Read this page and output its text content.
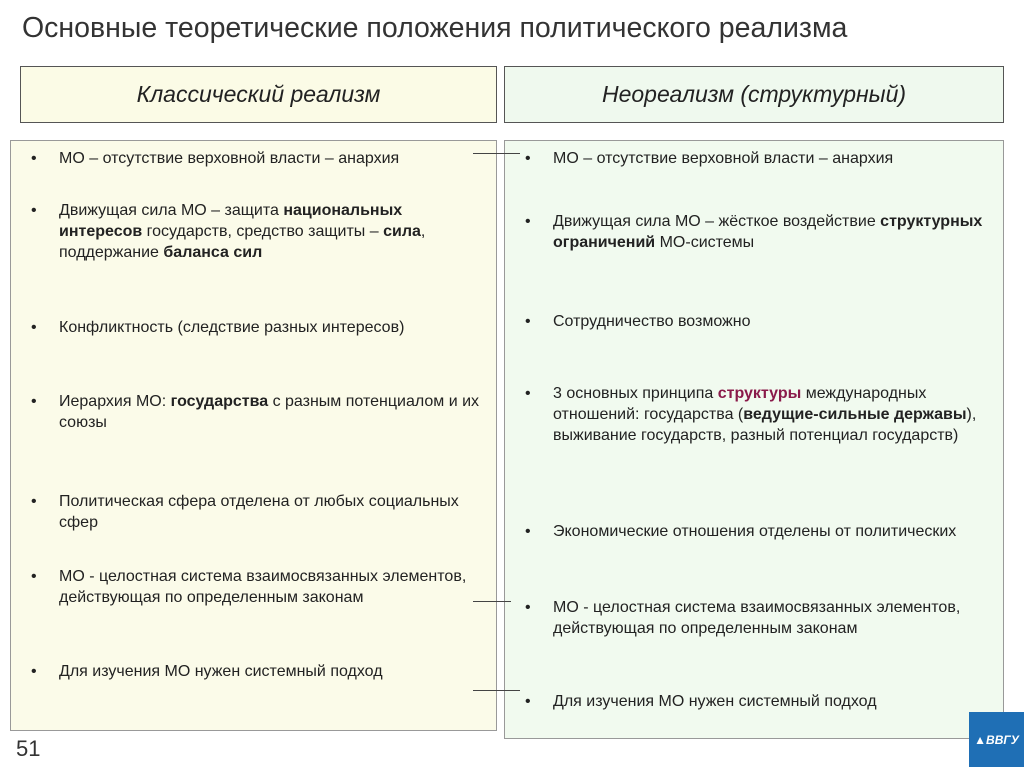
Основные теоретические положения политического реализма
Классический реализм	Неореализм (структурный)
• МО – отсутствие верховной власти – анархия
• Движущая сила МО – защита национальных интересов государств, средство защиты – сила, поддержание баланса сил
• Конфликтность (следствие разных интересов)
• Иерархия МО: государства с разным потенциалом и их союзы
• Политическая сфера отделена от любых социальных сфер
• МО - целостная система взаимосвязанных элементов, действующая по определенным законам
• Для изучения МО нужен системный подход
• МО – отсутствие верховной власти – анархия
• Движущая сила МО – жёсткое воздействие структурных ограничений МО-системы
• Сотрудничество возможно
• 3 основных принципа структуры международных отношений: государства (ведущие-сильные державы), выживание государств, разный потенциал государств)
• Экономические отношения отделены от политических
• МО - целостная система взаимосвязанных элементов, действующая по определенным законам
• Для изучения МО нужен системный подход
51	▲ ВВГУ
